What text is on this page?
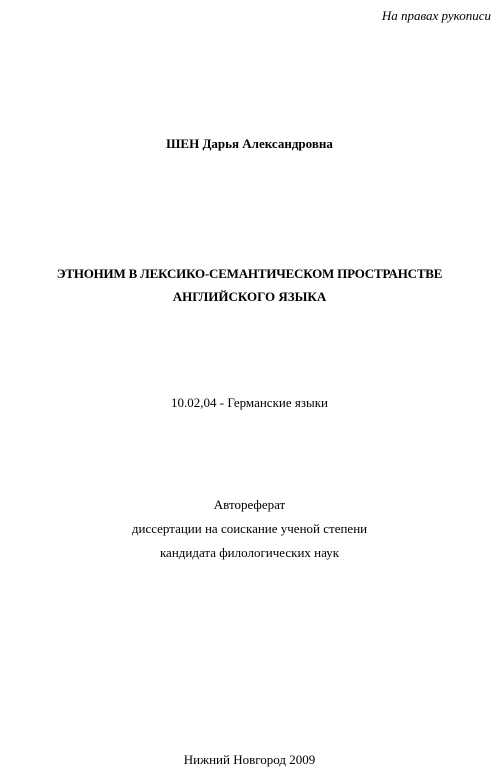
На правах рукописи
ШЕН Дарья Александровна
ЭТНОНИМ В ЛЕКСИКО-СЕМАНТИЧЕСКОМ ПРОСТРАНСТВЕ
АНГЛИЙСКОГО ЯЗЫКА
10.02,04 - Германские языки
Автореферат
диссертации на соискание ученой степени
кандидата филологических наук
Нижний Новгород 2009
